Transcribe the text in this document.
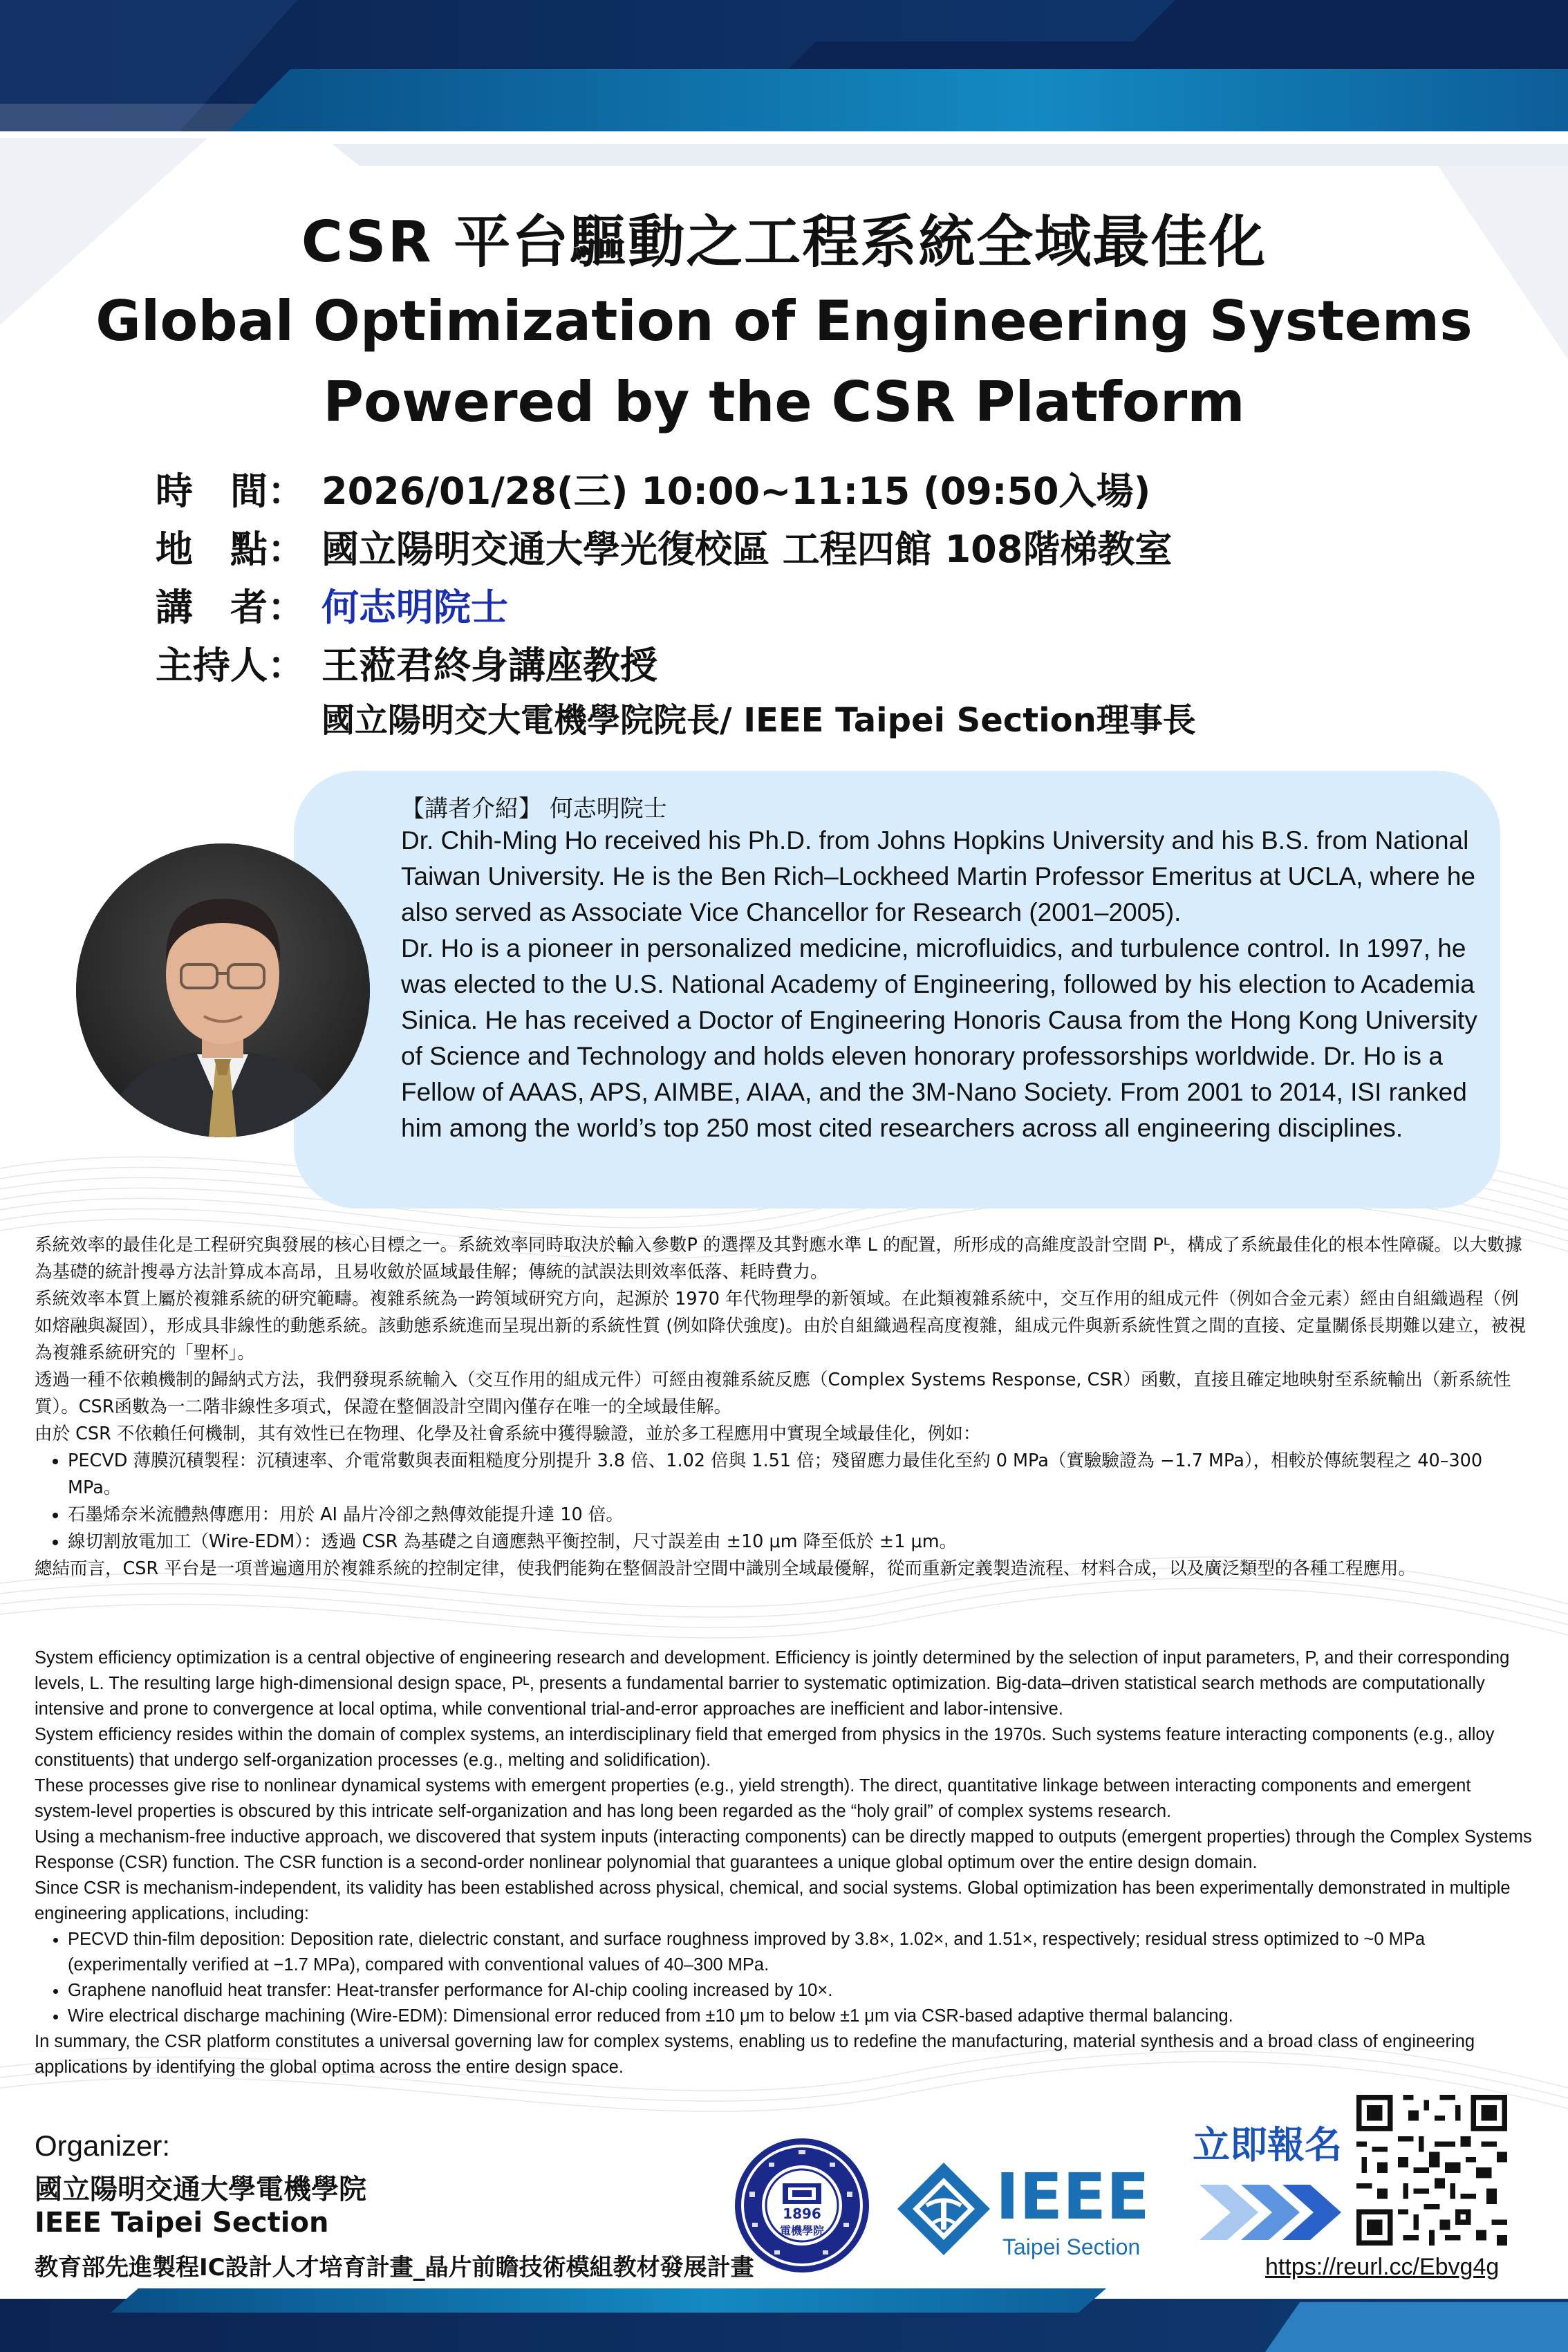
CSR 平台驅動之工程系統全域最佳化
Global Optimization of Engineering Systems
Powered by the CSR Platform
時　間： 2026/01/28(三) 10:00~11:15 (09:50入場)
地　點： 國立陽明交通大學光復校區 工程四館 108階梯教室
講　者： 何志明院士
主持人： 王蒞君終身講座教授
國立陽明交大電機學院院長/ IEEE Taipei Section理事長
【講者介紹】 何志明院士

Dr. Chih-Ming Ho received his Ph.D. from Johns Hopkins University and his B.S. from National Taiwan University. He is the Ben Rich–Lockheed Martin Professor Emeritus at UCLA, where he also served as Associate Vice Chancellor for Research (2001–2005).

Dr. Ho is a pioneer in personalized medicine, microfluidics, and turbulence control. In 1997, he was elected to the U.S. National Academy of Engineering, followed by his election to Academia Sinica. He has received a Doctor of Engineering Honoris Causa from the Hong Kong University of Science and Technology and holds eleven honorary professorships worldwide. Dr. Ho is a Fellow of AAAS, APS, AIMBE, AIAA, and the 3M-Nano Society. From 2001 to 2014, ISI ranked him among the world’s top 250 most cited researchers across all engineering disciplines.

系統效率的最佳化是工程研究與發展的核心目標之一。系統效率同時取決於輸入參數P 的選擇及其對應水準 L 的配置，所形成的高維度設計空間 Pᴸ，構成了系統最佳化的根本性障礙。以大數據為基礎的統計搜尋方法計算成本高昂，且易收斂於區域最佳解；傳統的試誤法則效率低落、耗時費力。

系統效率本質上屬於複雜系統的研究範疇。複雜系統為一跨領域研究方向，起源於 1970 年代物理學的新領域。在此類複雜系統中，交互作用的組成元件（例如合金元素）經由自組織過程（例如熔融與凝固），形成具非線性的動態系統。該動態系統進而呈現出新的系統性質 (例如降伏強度)。由於自組織過程高度複雜，組成元件與新系統性質之間的直接、定量關係長期難以建立，被視為複雜系統研究的「聖杯」。

透過一種不依賴機制的歸納式方法，我們發現系統輸入（交互作用的組成元件）可經由複雜系統反應（Complex Systems Response, CSR）函數，直接且確定地映射至系統輸出（新系統性質）。CSR函數為一二階非線性多項式，保證在整個設計空間內僅存在唯一的全域最佳解。

由於 CSR 不依賴任何機制，其有效性已在物理、化學及社會系統中獲得驗證，並於多工程應用中實現全域最佳化，例如：

• PECVD 薄膜沉積製程：沉積速率、介電常數與表面粗糙度分別提升 3.8 倍、1.02 倍與 1.51 倍；殘留應力最佳化至約 0 MPa（實驗驗證為 −1.7 MPa），相較於傳統製程之 40–300 MPa。
• 石墨烯奈米流體熱傳應用：用於 AI 晶片冷卻之熱傳效能提升達 10 倍。
• 線切割放電加工（Wire-EDM）：透過 CSR 為基礎之自適應熱平衡控制，尺寸誤差由 ±10 μm 降至低於 ±1 μm。

總結而言，CSR 平台是一項普遍適用於複雜系統的控制定律，使我們能夠在整個設計空間中識別全域最優解，從而重新定義製造流程、材料合成，以及廣泛類型的各種工程應用。

System efficiency optimization is a central objective of engineering research and development. Efficiency is jointly determined by the selection of input parameters, P, and their corresponding levels, L. The resulting large high-dimensional design space, Pᴸ, presents a fundamental barrier to systematic optimization. Big-data–driven statistical search methods are computationally intensive and prone to convergence at local optima, while conventional trial-and-error approaches are inefficient and labor-intensive.

System efficiency resides within the domain of complex systems, an interdisciplinary field that emerged from physics in the 1970s. Such systems feature interacting components (e.g., alloy constituents) that undergo self-organization processes (e.g., melting and solidification).

These processes give rise to nonlinear dynamical systems with emergent properties (e.g., yield strength). The direct, quantitative linkage between interacting components and emergent system-level properties is obscured by this intricate self-organization and has long been regarded as the “holy grail” of complex systems research.

Using a mechanism-free inductive approach, we discovered that system inputs (interacting components) can be directly mapped to outputs (emergent properties) through the Complex Systems Response (CSR) function. The CSR function is a second-order nonlinear polynomial that guarantees a unique global optimum over the entire design domain.

Since CSR is mechanism-independent, its validity has been established across physical, chemical, and social systems. Global optimization has been experimentally demonstrated in multiple engineering applications, including:

• PECVD thin-film deposition: Deposition rate, dielectric constant, and surface roughness improved by 3.8×, 1.02×, and 1.51×, respectively; residual stress optimized to ~0 MPa (experimentally verified at −1.7 MPa), compared with conventional values of 40–300 MPa.
• Graphene nanofluid heat transfer: Heat-transfer performance for AI-chip cooling increased by 10×.
• Wire electrical discharge machining (Wire-EDM): Dimensional error reduced from ±10 μm to below ±1 μm via CSR-based adaptive thermal balancing.

In summary, the CSR platform constitutes a universal governing law for complex systems, enabling us to redefine the manufacturing, material synthesis and a broad class of engineering applications by identifying the global optima across the entire design space.

Organizer:
國立陽明交通大學電機學院
IEEE Taipei Section
教育部先進製程IC設計人才培育計畫_晶片前瞻技術模組教材發展計畫
1896
電機學院	IEEE
Taipei Section
立即報名
https://reurl.cc/Ebvg4g
